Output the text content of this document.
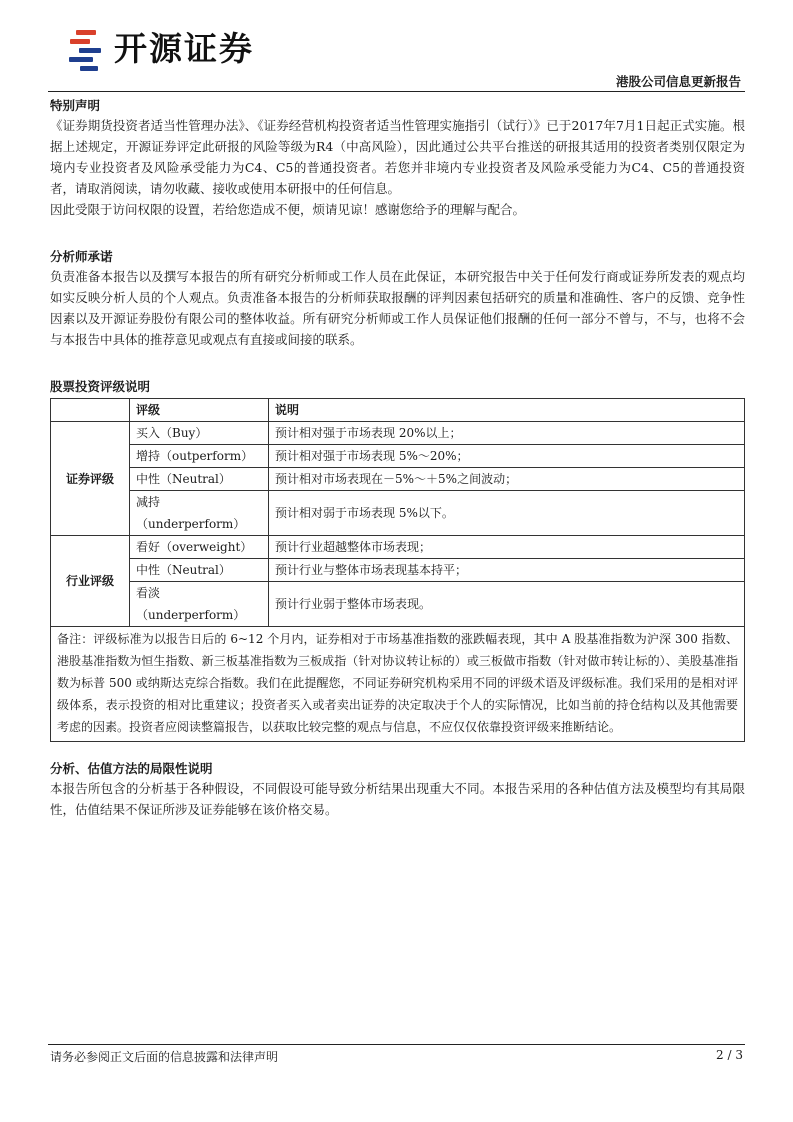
开源证券
港股公司信息更新报告
特别声明

《证券期货投资者适当性管理办法》、《证券经营机构投资者适当性管理实施指引（试行）》已于2017年7月1日起正式实施。根据上述规定，开源证券评定此研报的风险等级为R4（中高风险），因此通过公共平台推送的研报其适用的投资者类别仅限定为境内专业投资者及风险承受能力为C4、C5的普通投资者。若您并非境内专业投资者及风险承受能力为C4、C5的普通投资者，请取消阅读，请勿收藏、接收或使用本研报中的任何信息。

因此受限于访问权限的设置，若给您造成不便，烦请见谅！感谢您给予的理解与配合。

分析师承诺

负责准备本报告以及撰写本报告的所有研究分析师或工作人员在此保证，本研究报告中关于任何发行商或证券所发表的观点均如实反映分析人员的个人观点。负责准备本报告的分析师获取报酬的评判因素包括研究的质量和准确性、客户的反馈、竞争性因素以及开源证券股份有限公司的整体收益。所有研究分析师或工作人员保证他们报酬的任何一部分不曾与，不与，也将不会与本报告中具体的推荐意见或观点有直接或间接的联系。

股票投资评级说明
	评级	说明
证券评级	买入（Buy）	预计相对强于市场表现 20%以上；
	增持（outperform）	预计相对强于市场表现 5%～20%；
	中性（Neutral）	预计相对市场表现在－5%～＋5%之间波动；
	减持（underperform）	预计相对弱于市场表现 5%以下。
行业评级	看好（overweight）	预计行业超越整体市场表现；
	中性（Neutral）	预计行业与整体市场表现基本持平；
	看淡（underperform）	预计行业弱于整体市场表现。
备注：评级标准为以报告日后的 6~12 个月内，证券相对于市场基准指数的涨跌幅表现，其中 A 股基准指数为沪深 300 指数、港股基准指数为恒生指数、新三板基准指数为三板成指（针对协议转让标的）或三板做市指数（针对做市转让标的）、美股基准指数为标普 500 或纳斯达克综合指数。我们在此提醒您，不同证券研究机构采用不同的评级术语及评级标准。我们采用的是相对评级体系，表示投资的相对比重建议；投资者买入或者卖出证券的决定取决于个人的实际情况，比如当前的持仓结构以及其他需要考虑的因素。投资者应阅读整篇报告，以获取比较完整的观点与信息，不应仅仅依靠投资评级来推断结论。		
分析、估值方法的局限性说明

本报告所包含的分析基于各种假设，不同假设可能导致分析结果出现重大不同。本报告采用的各种估值方法及模型均有其局限性，估值结果不保证所涉及证券能够在该价格交易。

请务必参阅正文后面的信息披露和法律声明	2 / 3
